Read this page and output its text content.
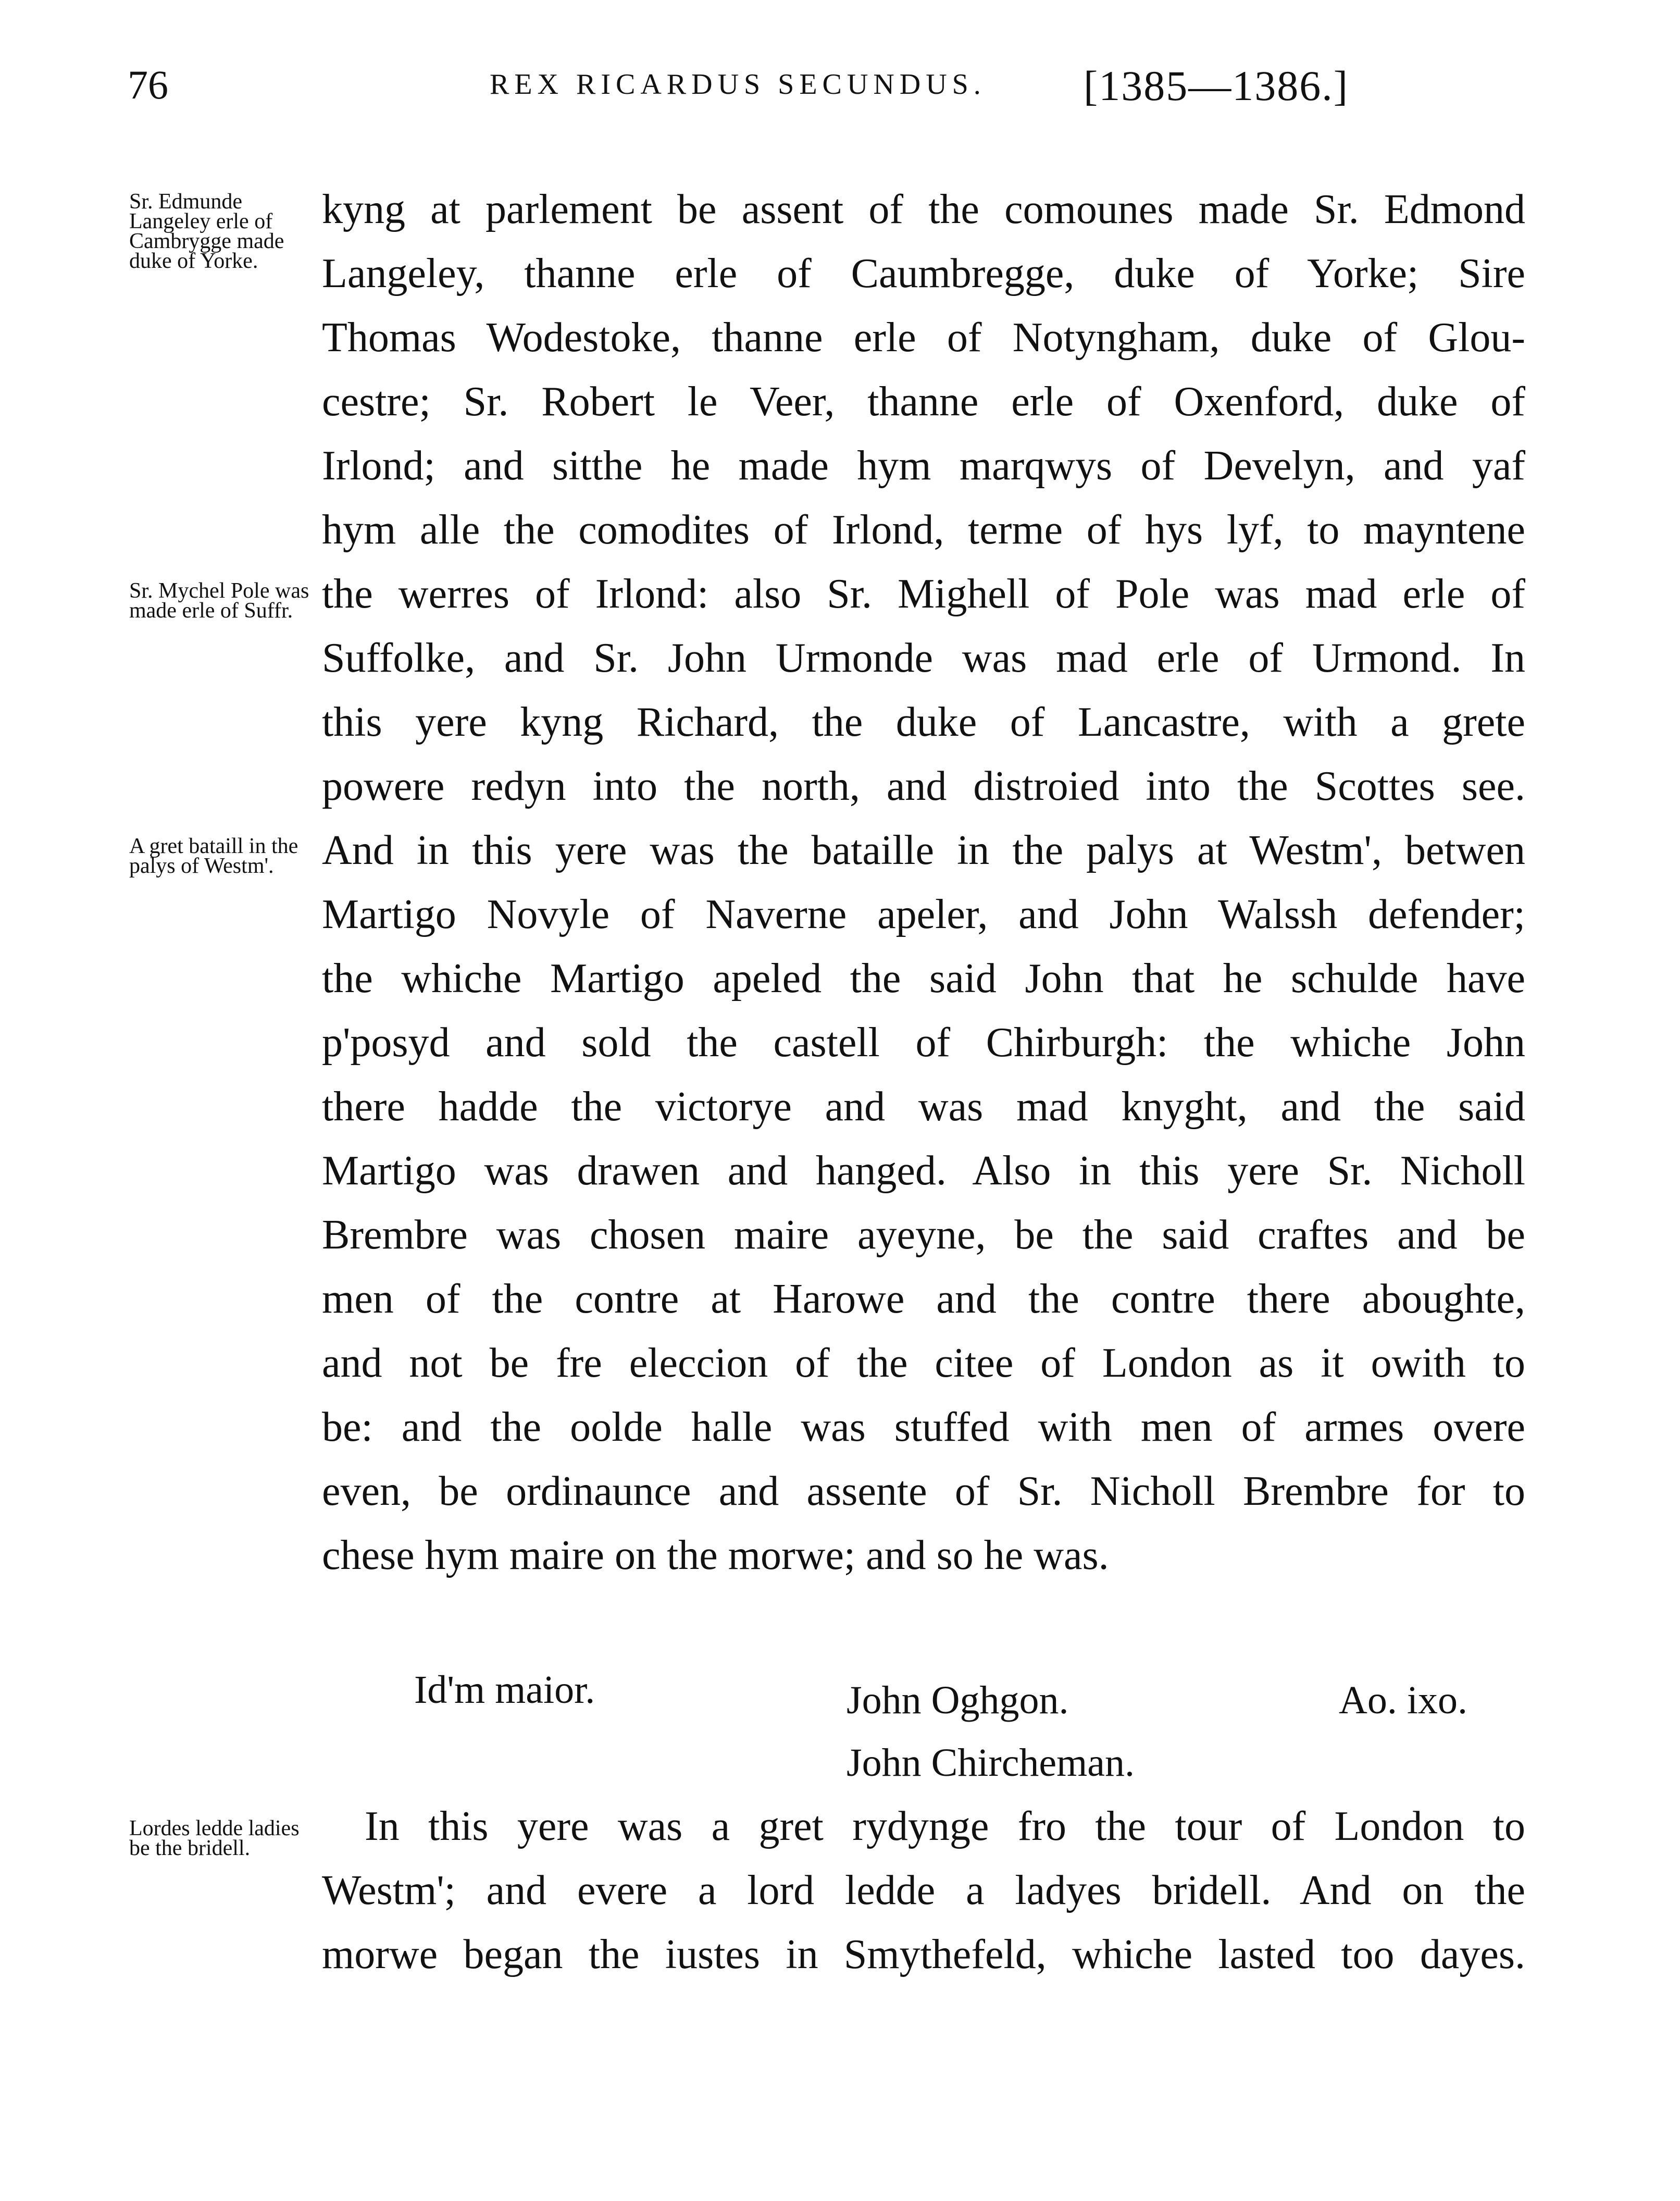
76	REX RICARDUS SECUNDUS. [1385—1386.]
Sr. Edmunde Langeley erle of Cambrygge made duke of Yorke.
Sr. Mychel Pole was made erle of Suffr.
A gret bataill in the palys of Westm'.
Lordes ledde ladies be the bridell.
kyng at parlement be assent of the comounes made Sr. Edmond
Langeley, thanne erle of Caumbregge, duke of Yorke; Sire
Thomas Wodestoke, thanne erle of Notyngham, duke of Glou-
cestre; Sr. Robert le Veer, thanne erle of Oxenford, duke of
Irlond; and sitthe he made hym marqwys of Develyn, and yaf
hym alle the comodites of Irlond, terme of hys lyf, to mayntene
the werres of Irlond: also Sr. Mighell of Pole was mad erle of
Suffolke, and Sr. John Urmonde was mad erle of Urmond. In
this yere kyng Richard, the duke of Lancastre, with a grete
powere redyn into the north, and distroied into the Scottes see.
And in this yere was the bataille in the palys at Westm', betwen
Martigo Novyle of Naverne apeler, and John Walssh defender;
the whiche Martigo apeled the said John that he schulde have
p'posyd and sold the castell of Chirburgh: the whiche John
there hadde the victorye and was mad knyght, and the said
Martigo was drawen and hanged. Also in this yere Sr. Nicholl
Brembre was chosen maire ayeyne, be the said craftes and be
men of the contre at Harowe and the contre there aboughte,
and not be fre eleccion of the citee of London as it owith to
be: and the oolde halle was stuffed with men of armes overe
even, be ordinaunce and assente of Sr. Nicholl Brembre for to
chese hym maire on the morwe; and so he was.
Id'm maior.	John Oghgon.	Ao. ixo.
John Chircheman.
In this yere was a gret rydynge fro the tour of London to
Westm'; and evere a lord ledde a ladyes bridell. And on the
morwe began the iustes in Smythefeld, whiche lasted too dayes.
